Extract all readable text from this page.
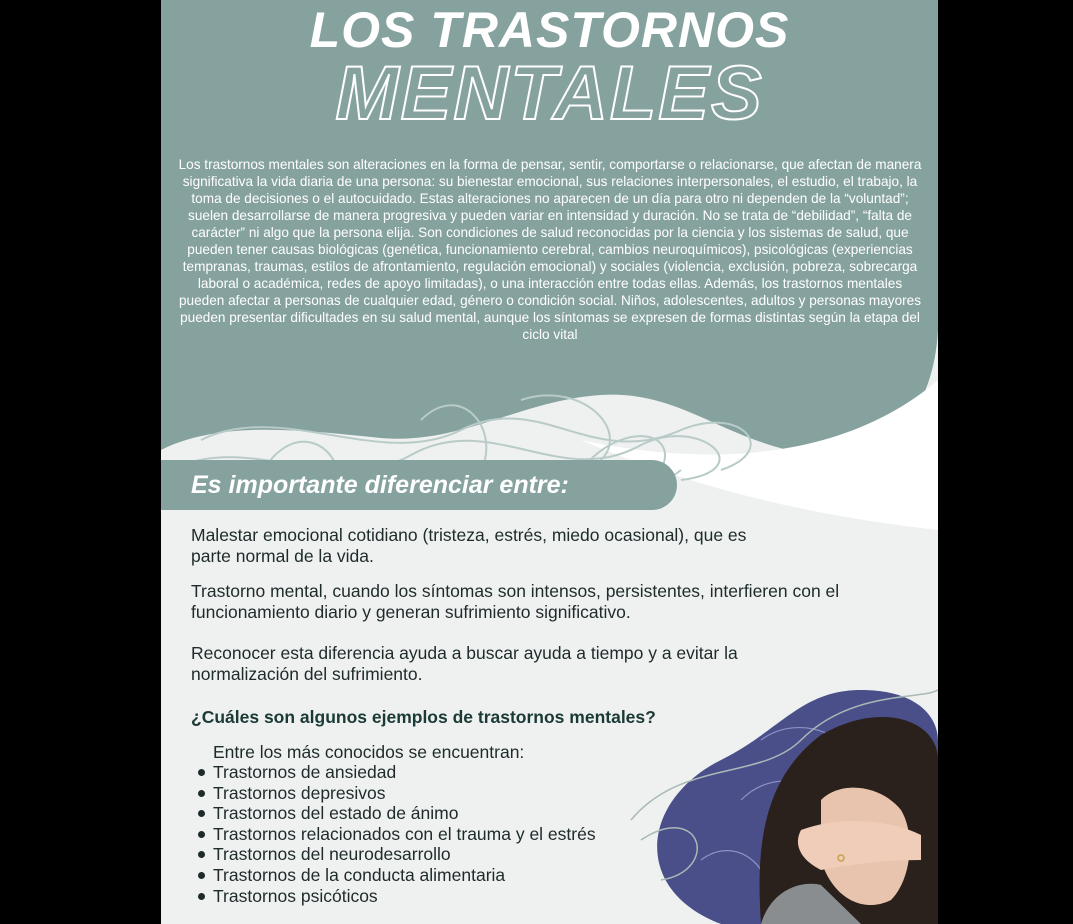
LOS TRASTORNOS
MENTALES

Los trastornos mentales son alteraciones en la forma de pensar, sentir, comportarse o relacionarse, que afectan de manera significativa la vida diaria de una persona: su bienestar emocional, sus relaciones interpersonales, el estudio, el trabajo, la toma de decisiones o el autocuidado. Estas alteraciones no aparecen de un día para otro ni dependen de la “voluntad”; suelen desarrollarse de manera progresiva y pueden variar en intensidad y duración. No se trata de “debilidad”, “falta de carácter” ni algo que la persona elija. Son condiciones de salud reconocidas por la ciencia y los sistemas de salud, que pueden tener causas biológicas (genética, funcionamiento cerebral, cambios neuroquímicos), psicológicas (experiencias tempranas, traumas, estilos de afrontamiento, regulación emocional) y sociales (violencia, exclusión, pobreza, sobrecarga laboral o académica, redes de apoyo limitadas), o una interacción entre todas ellas. Además, los trastornos mentales pueden afectar a personas de cualquier edad, género o condición social. Niños, adolescentes, adultos y personas mayores pueden presentar dificultades en su salud mental, aunque los síntomas se expresen de formas distintas según la etapa del ciclo vital

Es importante diferenciar entre:

Malestar emocional cotidiano (tristeza, estrés, miedo ocasional), que es parte normal de la vida.

Trastorno mental, cuando los síntomas son intensos, persistentes, interfieren con el funcionamiento diario y generan sufrimiento significativo.

Reconocer esta diferencia ayuda a buscar ayuda a tiempo y a evitar la normalización del sufrimiento.

¿Cuáles son algunos ejemplos de trastornos mentales?

Entre los más conocidos se encuentran:

Trastornos de ansiedad
Trastornos depresivos
Trastornos del estado de ánimo
Trastornos relacionados con el trauma y el estrés
Trastornos del neurodesarrollo
Trastornos de la conducta alimentaria
Trastornos psicóticos
